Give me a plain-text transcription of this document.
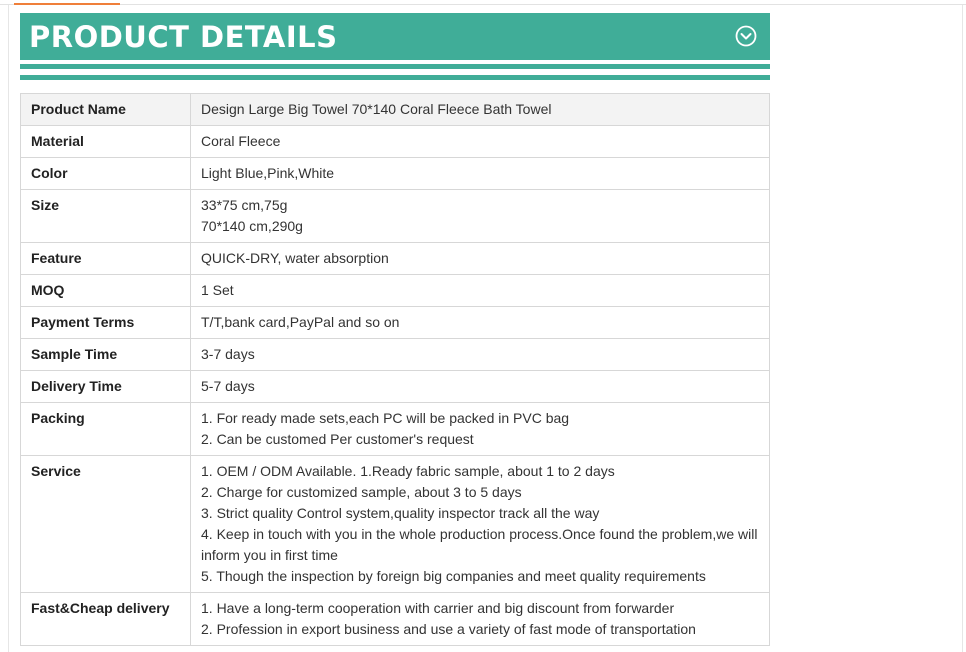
PRODUCT DETAILS
Product Name	Design Large Big Towel 70*140 Coral Fleece Bath Towel

Material	Coral Fleece

Color	Light Blue,Pink,White

Size	33*75 cm,75g
70*140 cm,290g

Feature	QUICK-DRY, water absorption

MOQ	1 Set

Payment Terms	T/T,bank card,PayPal and so on

Sample Time	3-7 days

Delivery Time	5-7 days

Packing	1. For ready made sets,each PC will be packed in PVC bag
2. Can be customed Per customer's request

Service	1. OEM / ODM Available. 1.Ready fabric sample, about 1 to 2 days
2. Charge for customized sample, about 3 to 5 days
3. Strict quality Control system,quality inspector track all the way
4. Keep in touch with you in the whole production process.Once found the problem,we will inform you in first time
5. Though the inspection by foreign big companies and meet quality requirements

Fast&Cheap delivery	1. Have a long-term cooperation with carrier and big discount from forwarder
2. Profession in export business and use a variety of fast mode of transportation
